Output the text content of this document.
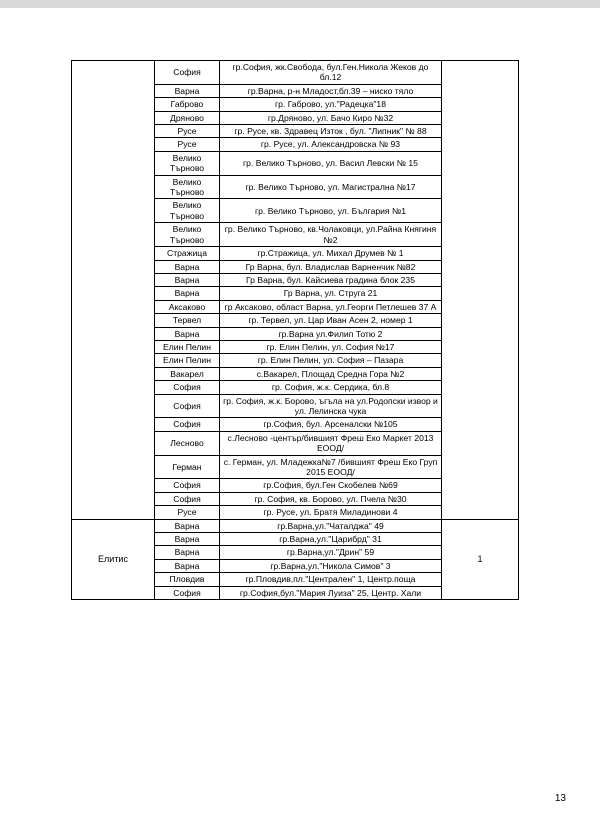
	София	гр.София, жк.Свобода, бул.Ген.Никола Жеков до бл.12	
	Варна	гр.Варна, р-н Младост,бл.39 – ниско тяло	
	Габрово	гр. Габрово, ул."Радецка"18	
	Дряново	гр.Дряново, ул. Бачо Киро №32	
	Русе	гр. Русе, кв. Здравец Изток , бул. "Липник" № 88	
	Русе	гр. Русе, ул. Александровска № 93	
	Велико Търново	гр. Велико Търново, ул. Васил Левски № 15	
	Велико Търново	гр. Велико Търново, ул. Магистрална №17	
	Велико Търново	гр. Велико Търново, ул. България №1	
	Велико Търново	гр. Велико Търново, кв.Чолаковци, ул.Райна Княгиня №2	
	Стражица	гр.Стражица, ул. Михал Друмев № 1	
	Варна	Гр Варна, бул. Владислав Варненчик №82	
	Варна	Гр Варна, бул. Кайсиева градина блок 235	
	Варна	Гр Варна, ул. Струга 21	
	Аксаково	гр Аксаково, област Варна, ул.Георги Петлешев 37 А	
	Тервел	гр. Тервел, ул. Цар Иван Асен 2, номер 1	
	Варна	гр.Варна ул.Филип Тотю 2	
	Елин Пелин	гр. Елин Пелин, ул. София №17	
	Елин Пелин	гр. Елин Пелин, ул. София – Пазара	
	Вакарел	с.Вакарел, Площад Средна Гора №2	
	София	гр. София, ж.к. Сердика, бл.8	
	София	гр. София, ж.к. Борово, ъгъла на ул.Родопски извор и ул. Лелинска чука	
	София	гр.София, бул. Арсеналски №105	
	Лесново	с.Лесново -център/бившият Фреш Еко Маркет 2013 ЕООД/	
	Герман	с. Герман, ул. Младежка№7 /бившият Фреш Еко Груп 2015 ЕООД/	
	София	гр.София, бул.Ген Скобелев №69	
	София	гр. София, кв. Борово, ул. Пчела №30	
	Русе	гр. Русе, ул. Братя Миладинови 4	
Елитис	Варна	гр.Варна,ул."Чаталджа" 49	1
	Варна	гр.Варна,ул."Царибрд" 31	
	Варна	гр.Варна,ул."Дрин" 59	
	Варна	гр.Варна,ул."Никола Симов" 3	
	Пловдив	гр.Пловдив,пл."Централен" 1, Центр.поща	
	София	гр.София,бул."Мария Луиза" 25, Центр. Хали	
13
